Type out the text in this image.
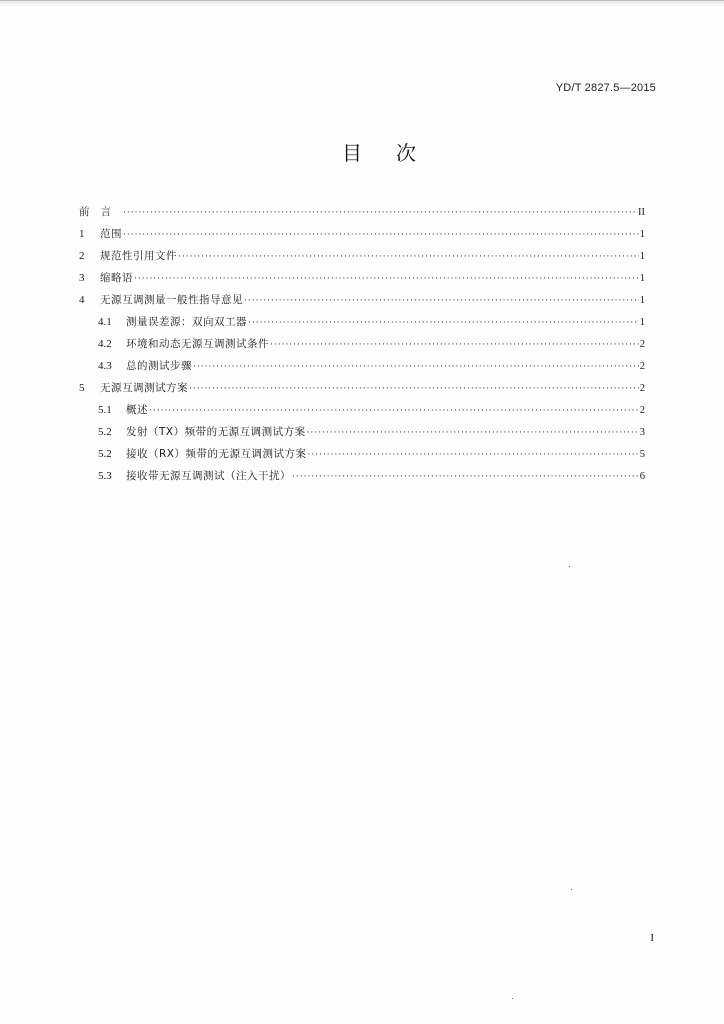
YD/T 2827.5—2015
目次
前言 ·····	II
1	范围 ·····	1
2	规范性引用文件 ·····	1
3	缩略语 ·····	1
4	无源互调测量一般性指导意见 ·····	1
4.1	测量误差源：双向双工器 ·····	1
4.2	环境和动态无源互调测试条件 ·····	2
4.3	总的测试步骤 ·····	2
5	无源互调测试方案 ·····	2
5.1	概述 ·····	2
5.2	发射（TX）频带的无源互调测试方案 ·····	3
5.2	接收（RX）频带的无源互调测试方案 ·····	5
5.3	接收带无源互调测试（注入干扰） ·····	6
I
